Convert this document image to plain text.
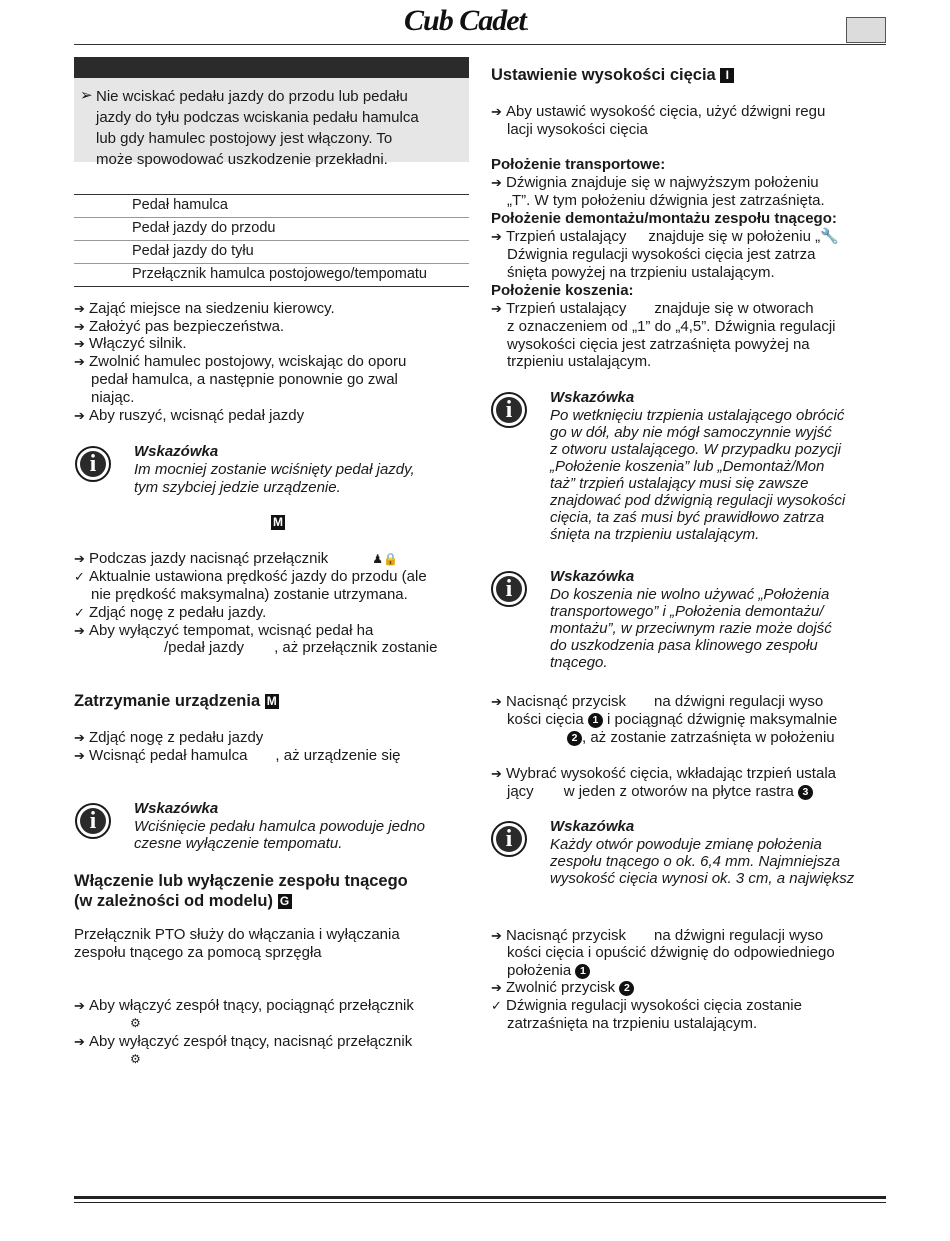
Cub Cadet.
➢ Nie wciskać pedału jazdy do przodu lub pedału
jazdy do tyłu podczas wciskania pedału hamulca
lub gdy hamulec postojowy jest włączony. To
może spowodować uszkodzenie przekładni.
Pedał hamulca
Pedał jazdy do przodu
Pedał jazdy do tyłu
Przełącznik hamulca postojowego/tempomatu
➔ Zająć miejsce na siedzeniu kierowcy.
➔ Założyć pas bezpieczeństwa.
➔ Włączyć silnik.
➔ Zwolnić hamulec postojowy, wciskając do oporu
pedał hamulca, a następnie ponownie go zwal
niając.
➔ Aby ruszyć, wcisnąć pedał jazdy
i
Wskazówka
Im mocniej zostanie wciśnięty pedał jazdy,
tym szybciej jedzie urządzenie.
M
➔ Podczas jazdy nacisnąć przełącznik	♟🔒
✓ Aktualnie ustawiona prędkość jazdy do przodu (ale
nie prędkość maksymalna) zostanie utrzymana.
✓ Zdjąć nogę z pedału jazdy.
➔ Aby wyłączyć tempomat, wcisnąć pedał ha
/pedał jazdy , aż przełącznik zostanie
Zatrzymanie urządzenia M
➔ Zdjąć nogę z pedału jazdy
➔ Wcisnąć pedał hamulca , aż urządzenie się
i
Wskazówka
Wciśnięcie pedału hamulca powoduje jedno
czesne wyłączenie tempomatu.
Włączenie lub wyłączenie zespołu tnącego
(w zależności od modelu) G
Przełącznik PTO służy do włączania i wyłączania
zespołu tnącego za pomocą sprzęgła
➔ Aby włączyć zespół tnący, pociągnąć przełącznik
⚙
➔ Aby wyłączyć zespół tnący, nacisnąć przełącznik
⚙
Ustawienie wysokości cięcia I
➔ Aby ustawić wysokość cięcia, użyć dźwigni regu
lacji wysokości cięcia
Położenie transportowe:
➔ Dźwignia znajduje się w najwyższym położeniu
„T”. W tym położeniu dźwignia jest zatrzaśnięta.
Położenie demontażu/montażu zespołu tnącego:
➔ Trzpień ustalający znajduje się w położeniu „🔧
Dźwignia regulacji wysokości cięcia jest zatrza
śnięta powyżej na trzpieniu ustalającym.
Położenie koszenia:
➔ Trzpień ustalający znajduje się w otworach
z oznaczeniem od „1” do „4,5”. Dźwignia regulacji
wysokości cięcia jest zatrzaśnięta powyżej na
trzpieniu ustalającym.
i
Wskazówka
Po wetknięciu trzpienia ustalającego obrócić
go w dół, aby nie mógł samoczynnie wyjść
z otworu ustalającego. W przypadku pozycji
„Położenie koszenia” lub „Demontaż/Mon
taż” trzpień ustalający musi się zawsze
znajdować pod dźwignią regulacji wysokości
cięcia, ta zaś musi być prawidłowo zatrza
śnięta na trzpieniu ustalającym.
i
Wskazówka
Do koszenia nie wolno używać „Położenia
transportowego” i „Położenia demontażu/
montażu”, w przeciwnym razie może dojść
do uszkodzenia pasa klinowego zespołu
tnącego.
➔ Nacisnąć przycisk na dźwigni regulacji wyso
kości cięcia 1 i pociągnąć dźwignię maksymalnie
2 , aż zostanie zatrzaśnięta w położeniu
➔ Wybrać wysokość cięcia, wkładając trzpień ustala
jący w jeden z otworów na płytce rastra 3
i
Wskazówka
Każdy otwór powoduje zmianę położenia
zespołu tnącego o ok. 6,4 mm. Najmniejsza
wysokość cięcia wynosi ok. 3 cm, a największ
➔ Nacisnąć przycisk na dźwigni regulacji wyso
kości cięcia i opuścić dźwignię do odpowiedniego
położenia 1
➔ Zwolnić przycisk 2
✓ Dźwignia regulacji wysokości cięcia zostanie
zatrzaśnięta na trzpieniu ustalającym.
